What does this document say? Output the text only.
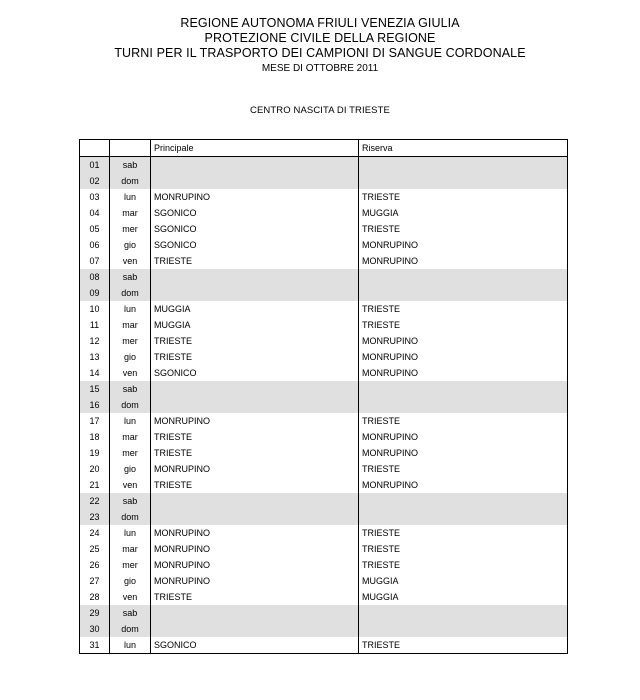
REGIONE AUTONOMA FRIULI VENEZIA GIULIA
PROTEZIONE CIVILE DELLA REGIONE
TURNI PER IL TRASPORTO DEI CAMPIONI DI SANGUE CORDONALE
MESE DI OTTOBRE 2011
CENTRO NASCITA DI TRIESTE
		Principale	Riserva
01	sab		
02	dom		
03	lun	MONRUPINO	TRIESTE
04	mar	SGONICO	MUGGIA
05	mer	SGONICO	TRIESTE
06	gio	SGONICO	MONRUPINO
07	ven	TRIESTE	MONRUPINO
08	sab		
09	dom		
10	lun	MUGGIA	TRIESTE
11	mar	MUGGIA	TRIESTE
12	mer	TRIESTE	MONRUPINO
13	gio	TRIESTE	MONRUPINO
14	ven	SGONICO	MONRUPINO
15	sab		
16	dom		
17	lun	MONRUPINO	TRIESTE
18	mar	TRIESTE	MONRUPINO
19	mer	TRIESTE	MONRUPINO
20	gio	MONRUPINO	TRIESTE
21	ven	TRIESTE	MONRUPINO
22	sab		
23	dom		
24	lun	MONRUPINO	TRIESTE
25	mar	MONRUPINO	TRIESTE
26	mer	MONRUPINO	TRIESTE
27	gio	MONRUPINO	MUGGIA
28	ven	TRIESTE	MUGGIA
29	sab		
30	dom		
31	lun	SGONICO	TRIESTE
